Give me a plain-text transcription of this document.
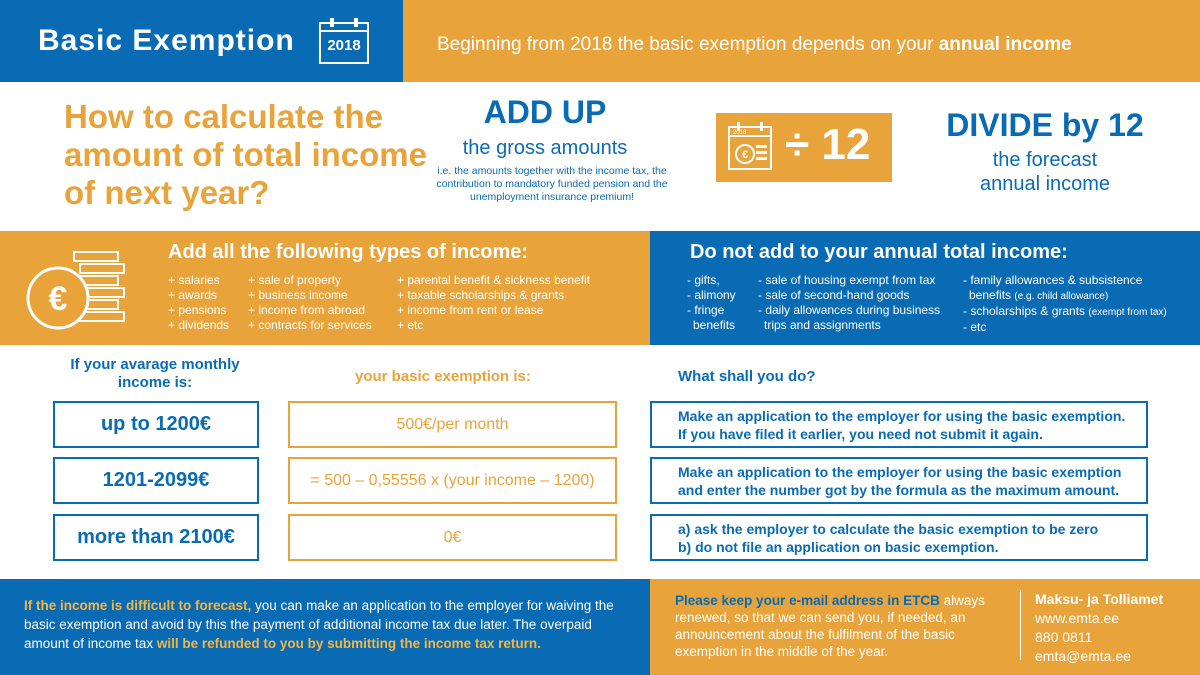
Basic Exemption	2018	Beginning from 2018 the basic exemption depends on your annual income
How to calculate the amount of total income of next year?
ADD UP
the gross amounts
i.e. the amounts together with the income tax, the contribution to mandatory funded pension and the unemployment insurance premium!
€
2018 ÷ 12	DIVIDE by 12
the forecast
annual income
€
Add all the following types of income:
+ salaries
+ awards
+ pensions
+ dividends
+ sale of property
+ business income
+ income from abroad
+ contracts for services
+ parental benefit & sickness benefit
+ taxable scholarships & grants
+ income from rent or lease
+ etc
Do not add to your annual total income:
- gifts,
- alimony
- fringe
benefits
- sale of housing exempt from tax
- sale of second-hand goods
- daily allowances during business
trips and assignments
- family allowances & subsistence
benefits (e.g. child allowance)
- scholarships & grants (exempt from tax)
- etc
If your avarage monthly income is:	your basic exemption is:	What shall you do?
up to 1200€	500€/per month	Make an application to the employer for using the basic exemption.
If you have filed it earlier, you need not submit it again.
1201-2099€	= 500 – 0,55556 x (your income – 1200)	Make an application to the employer for using the basic exemption
and enter the number got by the formula as the maximum amount.
more than 2100€	0€	a) ask the employer to calculate the basic exemption to be zero
b) do not file an application on basic exemption.
If the income is difficult to forecast, you can make an application to the employer for waiving the basic exemption and avoid by this the payment of additional income tax due later. The overpaid amount of income tax will be refunded to you by submitting the income tax return.
Please keep your e-mail address in ETCB always renewed, so that we can send you, if needed, an announcement about the fulfilment of the basic exemption in the middle of the year.
Maksu- ja Tolliamet
www.emta.ee
880 0811
emta@emta.ee
